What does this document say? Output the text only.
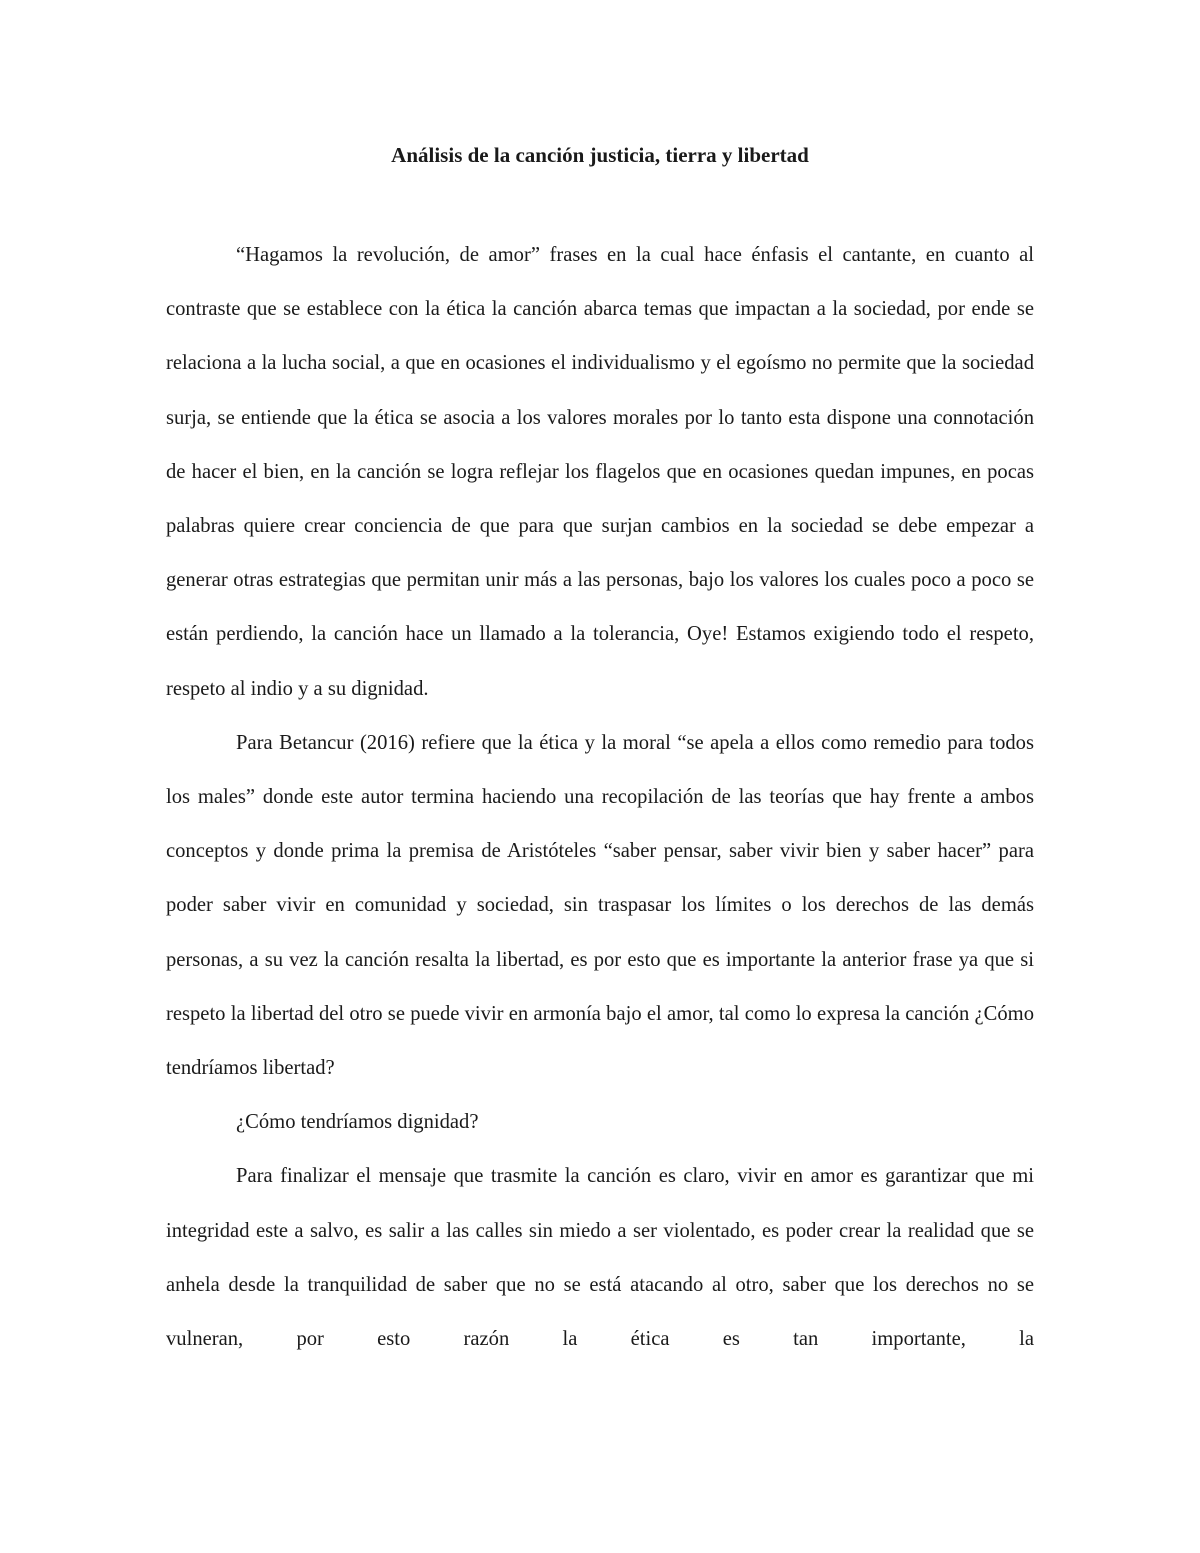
Análisis de la canción justicia, tierra y libertad

“Hagamos la revolución, de amor” frases en la cual hace énfasis el cantante, en cuanto al contraste que se establece con la ética la canción abarca temas que impactan a la sociedad, por ende se relaciona a la lucha social, a que en ocasiones el individualismo y el egoísmo no permite que la sociedad surja, se entiende que la ética se asocia a los valores morales por lo tanto esta dispone una connotación de hacer el bien, en la canción se logra reflejar los flagelos que en ocasiones quedan impunes, en pocas palabras quiere crear conciencia de que para que surjan cambios en la sociedad se debe empezar a generar otras estrategias que permitan unir más a las personas, bajo los valores los cuales poco a poco se están perdiendo, la canción hace un llamado a la tolerancia, Oye! Estamos exigiendo todo el respeto, respeto al indio y a su dignidad.

Para Betancur (2016) refiere que la ética y la moral “se apela a ellos como remedio para todos los males” donde este autor termina haciendo una recopilación de las teorías que hay frente a ambos conceptos y donde prima la premisa de Aristóteles “saber pensar, saber vivir bien y saber hacer” para poder saber vivir en comunidad y sociedad, sin traspasar los límites o los derechos de las demás personas, a su vez la canción resalta la libertad, es por esto que es importante la anterior frase ya que si respeto la libertad del otro se puede vivir en armonía bajo el amor, tal como lo expresa la canción ¿Cómo tendríamos libertad?

¿Cómo tendríamos dignidad?

Para finalizar el mensaje que trasmite la canción es claro, vivir en amor es garantizar que mi integridad este a salvo, es salir a las calles sin miedo a ser violentado, es poder crear la realidad que se anhela desde la tranquilidad de saber que no se está atacando al otro, saber que los derechos no se vulneran, por esto razón la ética es tan importante, la
